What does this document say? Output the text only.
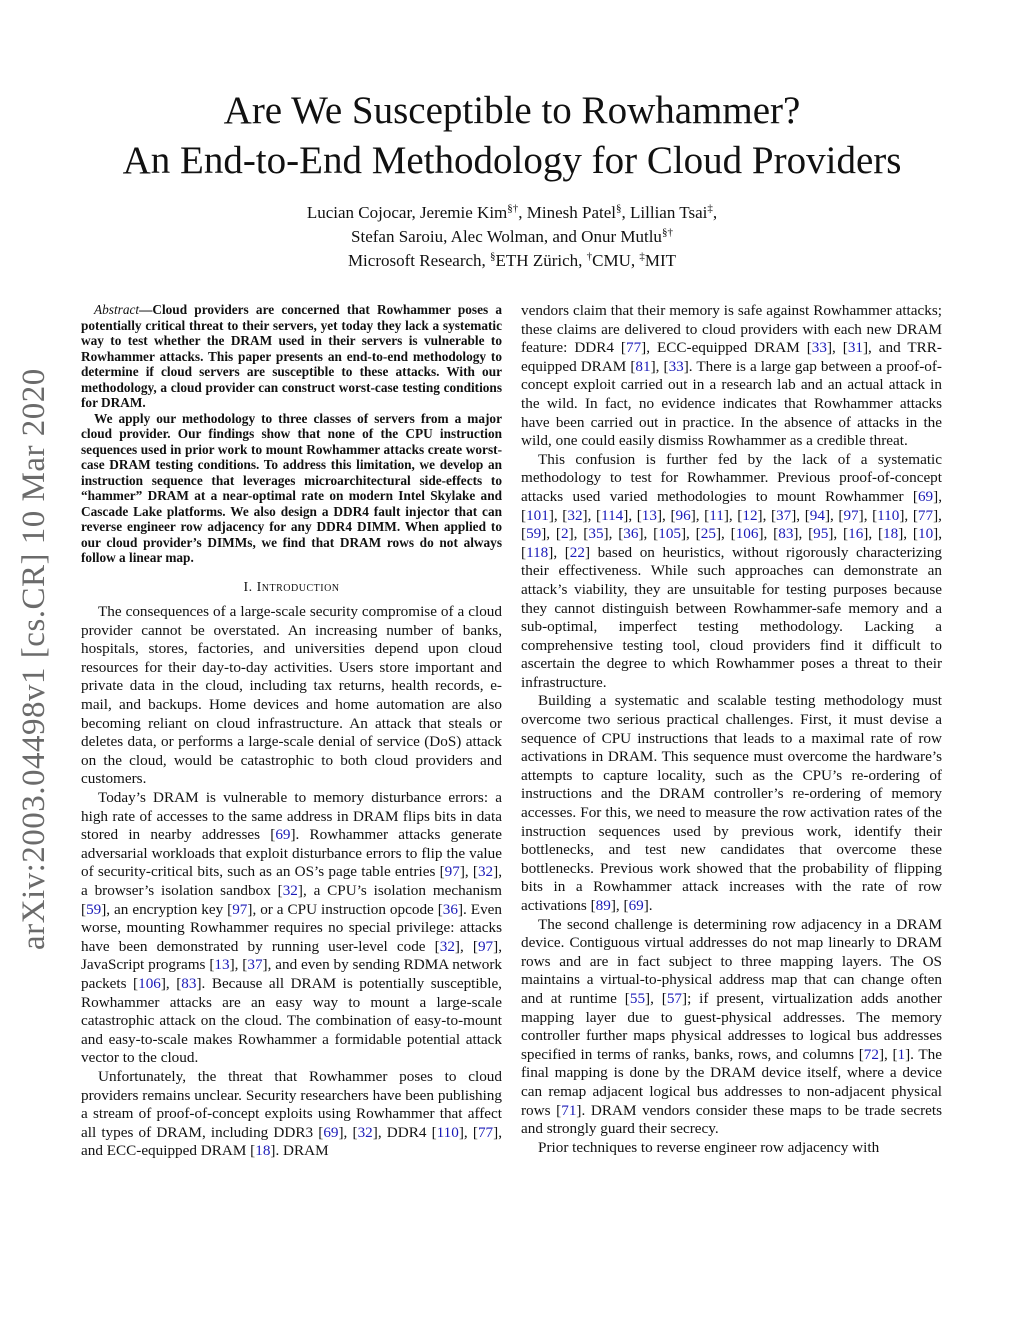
arXiv:2003.04498v1 [cs.CR] 10 Mar 2020
Are We Susceptible to Rowhammer?
An End-to-End Methodology for Cloud Providers
Lucian Cojocar, Jeremie Kim§†, Minesh Patel§, Lillian Tsai‡,
Stefan Saroiu, Alec Wolman, and Onur Mutlu§†
Microsoft Research, §ETH Zürich, †CMU, ‡MIT

Abstract—Cloud providers are concerned that Rowhammer poses a potentially critical threat to their servers, yet today they lack a systematic way to test whether the DRAM used in their servers is vulnerable to Rowhammer attacks. This paper presents an end-to-end methodology to determine if cloud servers are susceptible to these attacks. With our methodology, a cloud provider can construct worst-case testing conditions for DRAM.

We apply our methodology to three classes of servers from a major cloud provider. Our findings show that none of the CPU instruction sequences used in prior work to mount Rowhammer attacks create worst-case DRAM testing conditions. To address this limitation, we develop an instruction sequence that leverages microarchitectural side-effects to “hammer” DRAM at a near-optimal rate on modern Intel Skylake and Cascade Lake platforms. We also design a DDR4 fault injector that can reverse engineer row adjacency for any DDR4 DIMM. When applied to our cloud provider’s DIMMs, we find that DRAM rows do not always follow a linear map.

I. Introduction

The consequences of a large-scale security compromise of a cloud provider cannot be overstated. An increasing number of banks, hospitals, stores, factories, and universities depend upon cloud resources for their day-to-day activities. Users store important and private data in the cloud, including tax returns, health records, e-mail, and backups. Home devices and home automation are also becoming reliant on cloud infrastructure. An attack that steals or deletes data, or performs a large-scale denial of service (DoS) attack on the cloud, would be catastrophic to both cloud providers and customers.

Today’s DRAM is vulnerable to memory disturbance errors: a high rate of accesses to the same address in DRAM flips bits in data stored in nearby addresses [69]. Rowhammer attacks generate adversarial workloads that exploit disturbance errors to flip the value of security-critical bits, such as an OS’s page table entries [97], [32], a browser’s isolation sandbox [32], a CPU’s isolation mechanism [59], an encryption key [97], or a CPU instruction opcode [36]. Even worse, mounting Rowhammer requires no special privilege: attacks have been demonstrated by running user-level code [32], [97], JavaScript programs [13], [37], and even by sending RDMA network packets [106], [83]. Because all DRAM is potentially susceptible, Rowhammer attacks are an easy way to mount a large-scale catastrophic attack on the cloud. The combination of easy-to-mount and easy-to-scale makes Rowhammer a formidable potential attack vector to the cloud.

Unfortunately, the threat that Rowhammer poses to cloud providers remains unclear. Security researchers have been publishing a stream of proof-of-concept exploits using Rowhammer that affect all types of DRAM, including DDR3 [69], [32], DDR4 [110], [77], and ECC-equipped DRAM [18]. DRAM

vendors claim that their memory is safe against Rowhammer attacks; these claims are delivered to cloud providers with each new DRAM feature: DDR4 [77], ECC-equipped DRAM [33], [31], and TRR-equipped DRAM [81], [33]. There is a large gap between a proof-of-concept exploit carried out in a research lab and an actual attack in the wild. In fact, no evidence indicates that Rowhammer attacks have been carried out in practice. In the absence of attacks in the wild, one could easily dismiss Rowhammer as a credible threat.

This confusion is further fed by the lack of a systematic methodology to test for Rowhammer. Previous proof-of-concept attacks used varied methodologies to mount Rowhammer [69], [101], [32], [114], [13], [96], [11], [12], [37], [94], [97], [110], [77], [59], [2], [35], [36], [105], [25], [106], [83], [95], [16], [18], [10], [118], [22] based on heuristics, without rigorously characterizing their effectiveness. While such approaches can demonstrate an attack’s viability, they are unsuitable for testing purposes because they cannot distinguish between Rowhammer-safe memory and a sub-optimal, imperfect testing methodology. Lacking a comprehensive testing tool, cloud providers find it difficult to ascertain the degree to which Rowhammer poses a threat to their infrastructure.

Building a systematic and scalable testing methodology must overcome two serious practical challenges. First, it must devise a sequence of CPU instructions that leads to a maximal rate of row activations in DRAM. This sequence must overcome the hardware’s attempts to capture locality, such as the CPU’s re-ordering of instructions and the DRAM controller’s re-ordering of memory accesses. For this, we need to measure the row activation rates of the instruction sequences used by previous work, identify their bottlenecks, and test new candidates that overcome these bottlenecks. Previous work showed that the probability of flipping bits in a Rowhammer attack increases with the rate of row activations [89], [69].

The second challenge is determining row adjacency in a DRAM device. Contiguous virtual addresses do not map linearly to DRAM rows and are in fact subject to three mapping layers. The OS maintains a virtual-to-physical address map that can change often and at runtime [55], [57]; if present, virtualization adds another mapping layer due to guest-physical addresses. The memory controller further maps physical addresses to logical bus addresses specified in terms of ranks, banks, rows, and columns [72], [1]. The final mapping is done by the DRAM device itself, where a device can remap adjacent logical bus addresses to non-adjacent physical rows [71]. DRAM vendors consider these maps to be trade secrets and strongly guard their secrecy.

Prior techniques to reverse engineer row adjacency with
